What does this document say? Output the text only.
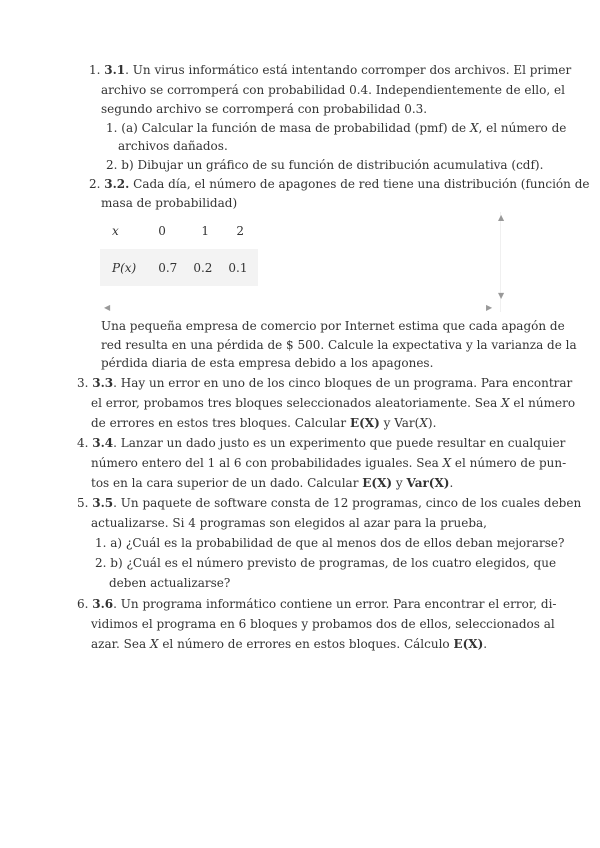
1. 3.1. Un virus informático está intentando corromper dos archivos. El primer
archivo se corromperá con probabilidad 0.4. Independientemente de ello, el
segundo archivo se corromperá con probabilidad 0.3.
1. (a) Calcular la función de masa de probabilidad (pmf) de X, el número de
archivos dañados.
2. b) Dibujar un gráfico de su función de distribución acumulativa (cdf).
2. 3.2. Cada día, el número de apagones de red tiene una distribución (función de
masa de probabilidad)
x	0	1	2
P(x)	0.7	0.2	0.1
▲
▼
◀	▶
Una pequeña empresa de comercio por Internet estima que cada apagón de
red resulta en una pérdida de $ 500. Calcule la expectativa y la varianza de la
pérdida diaria de esta empresa debido a los apagones.
3. 3.3. Hay un error en uno de los cinco bloques de un programa. Para encontrar
el error, probamos tres bloques seleccionados aleatoriamente. Sea X el número
de errores en estos tres bloques. Calcular E(X) y Var(X).
4. 3.4. Lanzar un dado justo es un experimento que puede resultar en cualquier
número entero del 1 al 6 con probabilidades iguales. Sea X el número de pun-
tos en la cara superior de un dado. Calcular E(X) y Var(X).
5. 3.5. Un paquete de software consta de 12 programas, cinco de los cuales deben
actualizarse. Si 4 programas son elegidos al azar para la prueba,
1. a) ¿Cuál es la probabilidad de que al menos dos de ellos deban mejorarse?
2. b) ¿Cuál es el número previsto de programas, de los cuatro elegidos, que
deben actualizarse?
6. 3.6. Un programa informático contiene un error. Para encontrar el error, di-
vidimos el programa en 6 bloques y probamos dos de ellos, seleccionados al
azar. Sea X el número de errores en estos bloques. Cálculo E(X).
